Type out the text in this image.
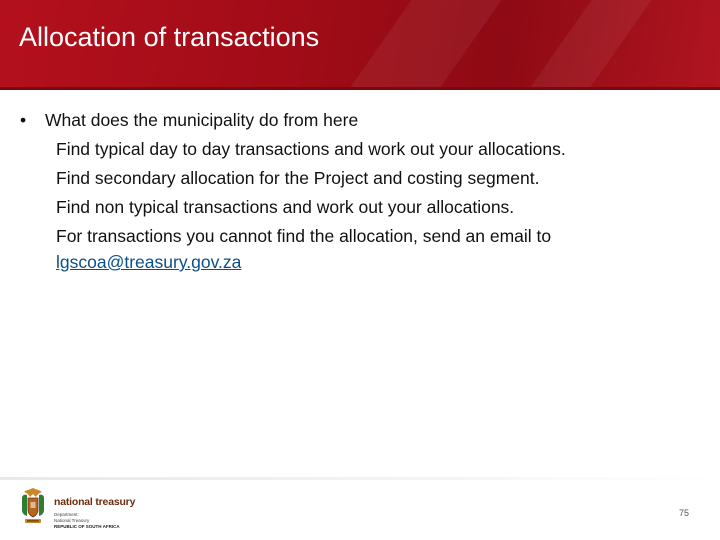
Allocation of transactions
• What does the municipality do from here
Find typical day to day transactions and work out your allocations.
Find secondary allocation for the Project and costing segment.
Find non typical transactions and work out your allocations.
For transactions you cannot find the allocation, send an email to
lgscoa@treasury.gov.za
national treasury
Department:
National Treasury
REPUBLIC OF SOUTH AFRICA
75
